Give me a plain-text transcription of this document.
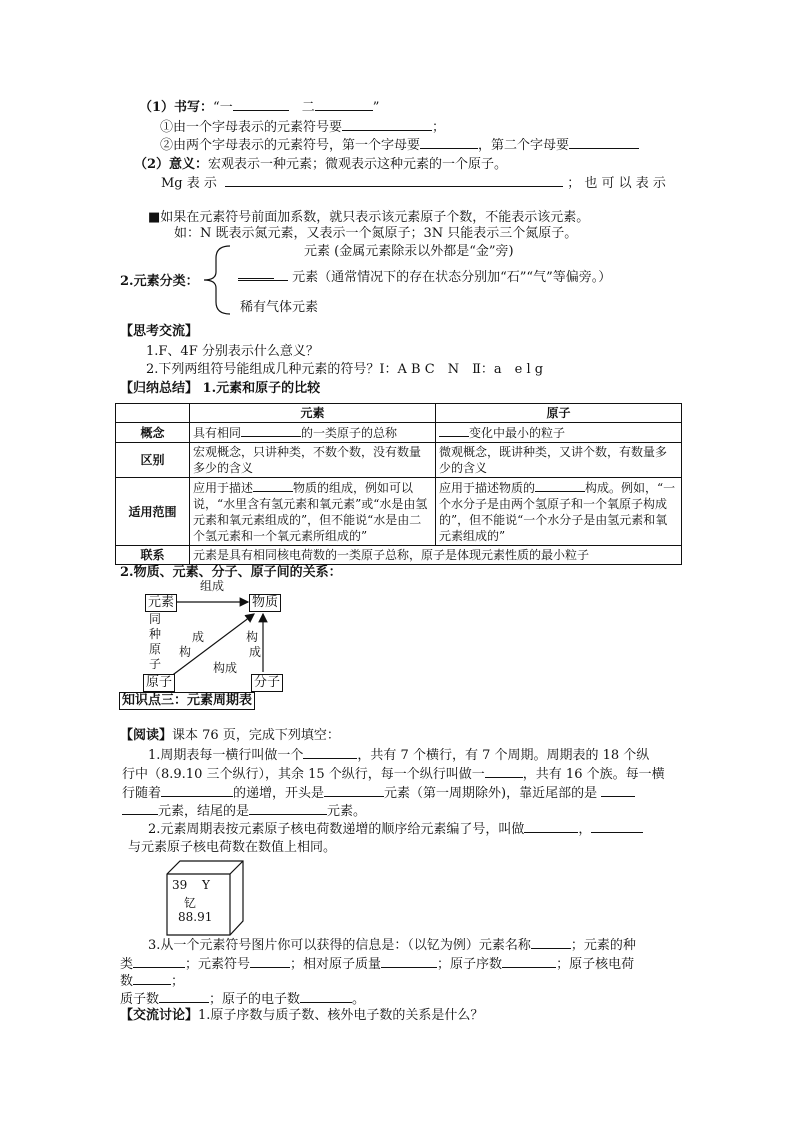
（1）书写：“一　	二	”
①由一个字母表示的元素符号要	；
②由两个字母表示的元素符号，第一个字母要	，第二个字母要
（2）意义：宏观表示一种元素；微观表示这种元素的一个原子。
Mg 表 示	； 也 可 以 表 示
■如果在元素符号前面加系数，就只表示该元素原子个数，不能表示该元素。
如：N 既表示氮元素，又表示一个氮原子；3N 只能表示三个氮原子。
2.元素分类：
元素 (金属元素除汞以外都是“金”旁)
元素（通常情况下的存在状态分别加“石”“气”等偏旁。）
稀有气体元素
【思考交流】
1.F、4F 分别表示什么意义？
2.下列两组符号能组成几种元素的符号？Ⅰ：A B C　N　Ⅱ：a　e l g
【归纳总结】 1.元素和原子的比较
	元素	原子
概念	具有相同 的一类原子的总称	变化中最小的粒子
区别	宏观概念，只讲种类，不数个数，没有数量多少的含义	微观概念，既讲种类，又讲个数，有数量多少的含义
适用范围	应用于描述 物质的组成，例如可以说，“水里含有氢元素和氧元素”或“水是由氢元素和氧元素组成的”，但不能说“水是由二个氢元素和一个氧元素所组成的”	应用于描述物质的 构成。例如，“一个水分子是由两个氢原子和一个氧原子构成的”，但不能说“一个水分子是由氢元素和氧元素组成的”
联系	元素是具有相同核电荷数的一类原子总称，原子是体现元素性质的最小粒子	
2.物质、元素、分子、原子间的关系：
组成
元素	物质
同种原子
成
构
构
成
构成
原子	分子
知识点三：元素周期表
【阅读】课本 76 页，完成下列填空：
1.周期表每一横行叫做一个	，共有 7 个横行，有 7 个周期。周期表的 18 个纵
行中（8.9.10 三个纵行），其余 15 个纵行，每一个纵行叫做一	，共有 16 个族。每一横
行随着	的递增，开头是	元素（第一周期除外)，靠近尾部的是
元素，结尾的是	元素。
2.元素周期表按元素原子核电荷数递增的顺序给元素编了号，叫做	，
与元素原子核电荷数在数值上相同。
39 Y
钇
88.91
3.从一个元素符号图片你可以获得的信息是：（以钇为例）元素名称	；元素的种
类	；元素符号	；相对原子质量	；原子序数	；原子核电荷
数	；
质子数	；原子的电子数	。
【交流讨论】1.原子序数与质子数、核外电子数的关系是什么？
